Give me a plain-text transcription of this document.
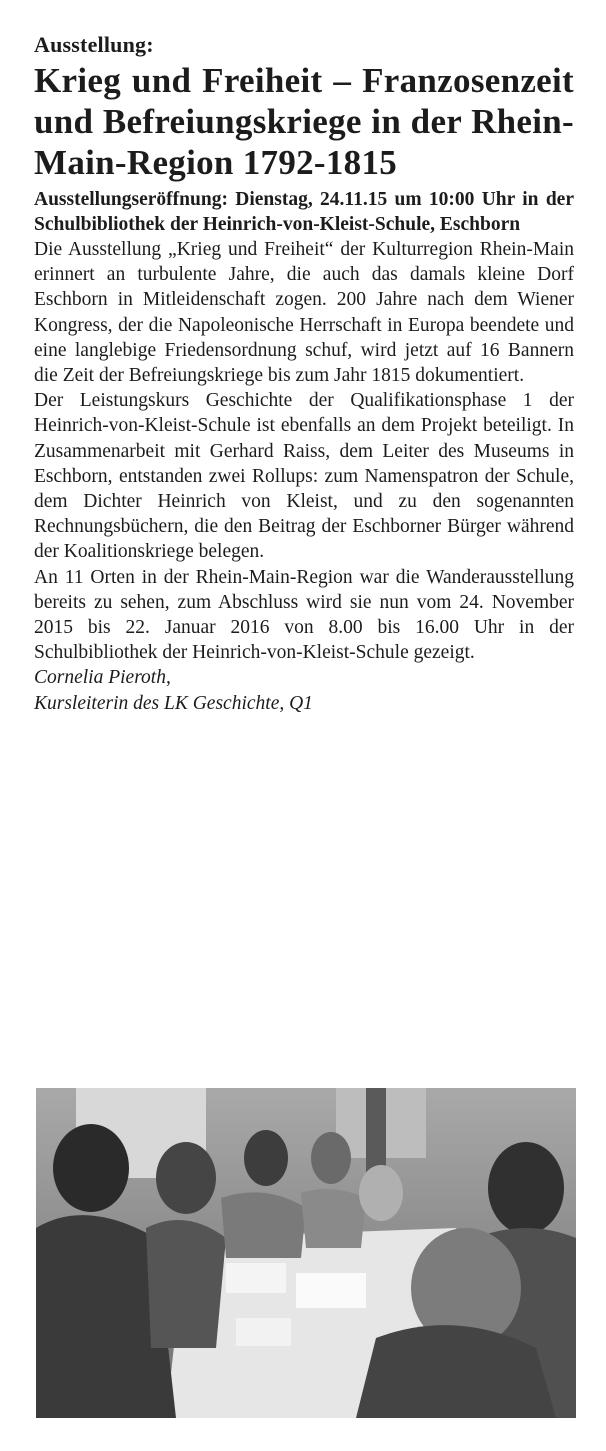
Ausstellung:

Krieg und Freiheit – Franzosenzeit und Befreiungskriege in der Rhein-Main-Region 1792-1815

Ausstellungseröffnung: Dienstag, 24.11.15 um 10:00 Uhr in der Schulbibliothek der Heinrich-von-Kleist-Schule, Eschborn

Die Ausstellung „Krieg und Freiheit“ der Kulturregion Rhein-Main erinnert an turbulente Jahre, die auch das damals kleine Dorf Eschborn in Mitleidenschaft zogen. 200 Jahre nach dem Wiener Kongress, der die Napoleonische Herrschaft in Europa beendete und eine langlebige Friedensordnung schuf, wird jetzt auf 16 Bannern die Zeit der Befreiungskriege bis zum Jahr 1815 dokumentiert.

Der Leistungskurs Geschichte der Qualifikationsphase 1 der Heinrich-von-Kleist-Schule ist ebenfalls an dem Projekt beteiligt. In Zusammenarbeit mit Gerhard Raiss, dem Leiter des Museums in Eschborn, entstanden zwei Rollups: zum Namenspatron der Schule, dem Dichter Heinrich von Kleist, und zu den sogenannten Rechnungsbüchern, die den Beitrag der Eschborner Bürger während der Koalitionskriege belegen.

An 11 Orten in der Rhein-Main-Region war die Wanderausstellung bereits zu sehen, zum Abschluss wird sie nun vom 24. November 2015 bis 22. Januar 2016 von 8.00 bis 16.00 Uhr in der Schulbibliothek der Heinrich-von-Kleist-Schule gezeigt.

Cornelia Pieroth,

Kursleiterin des LK Geschichte, Q1
